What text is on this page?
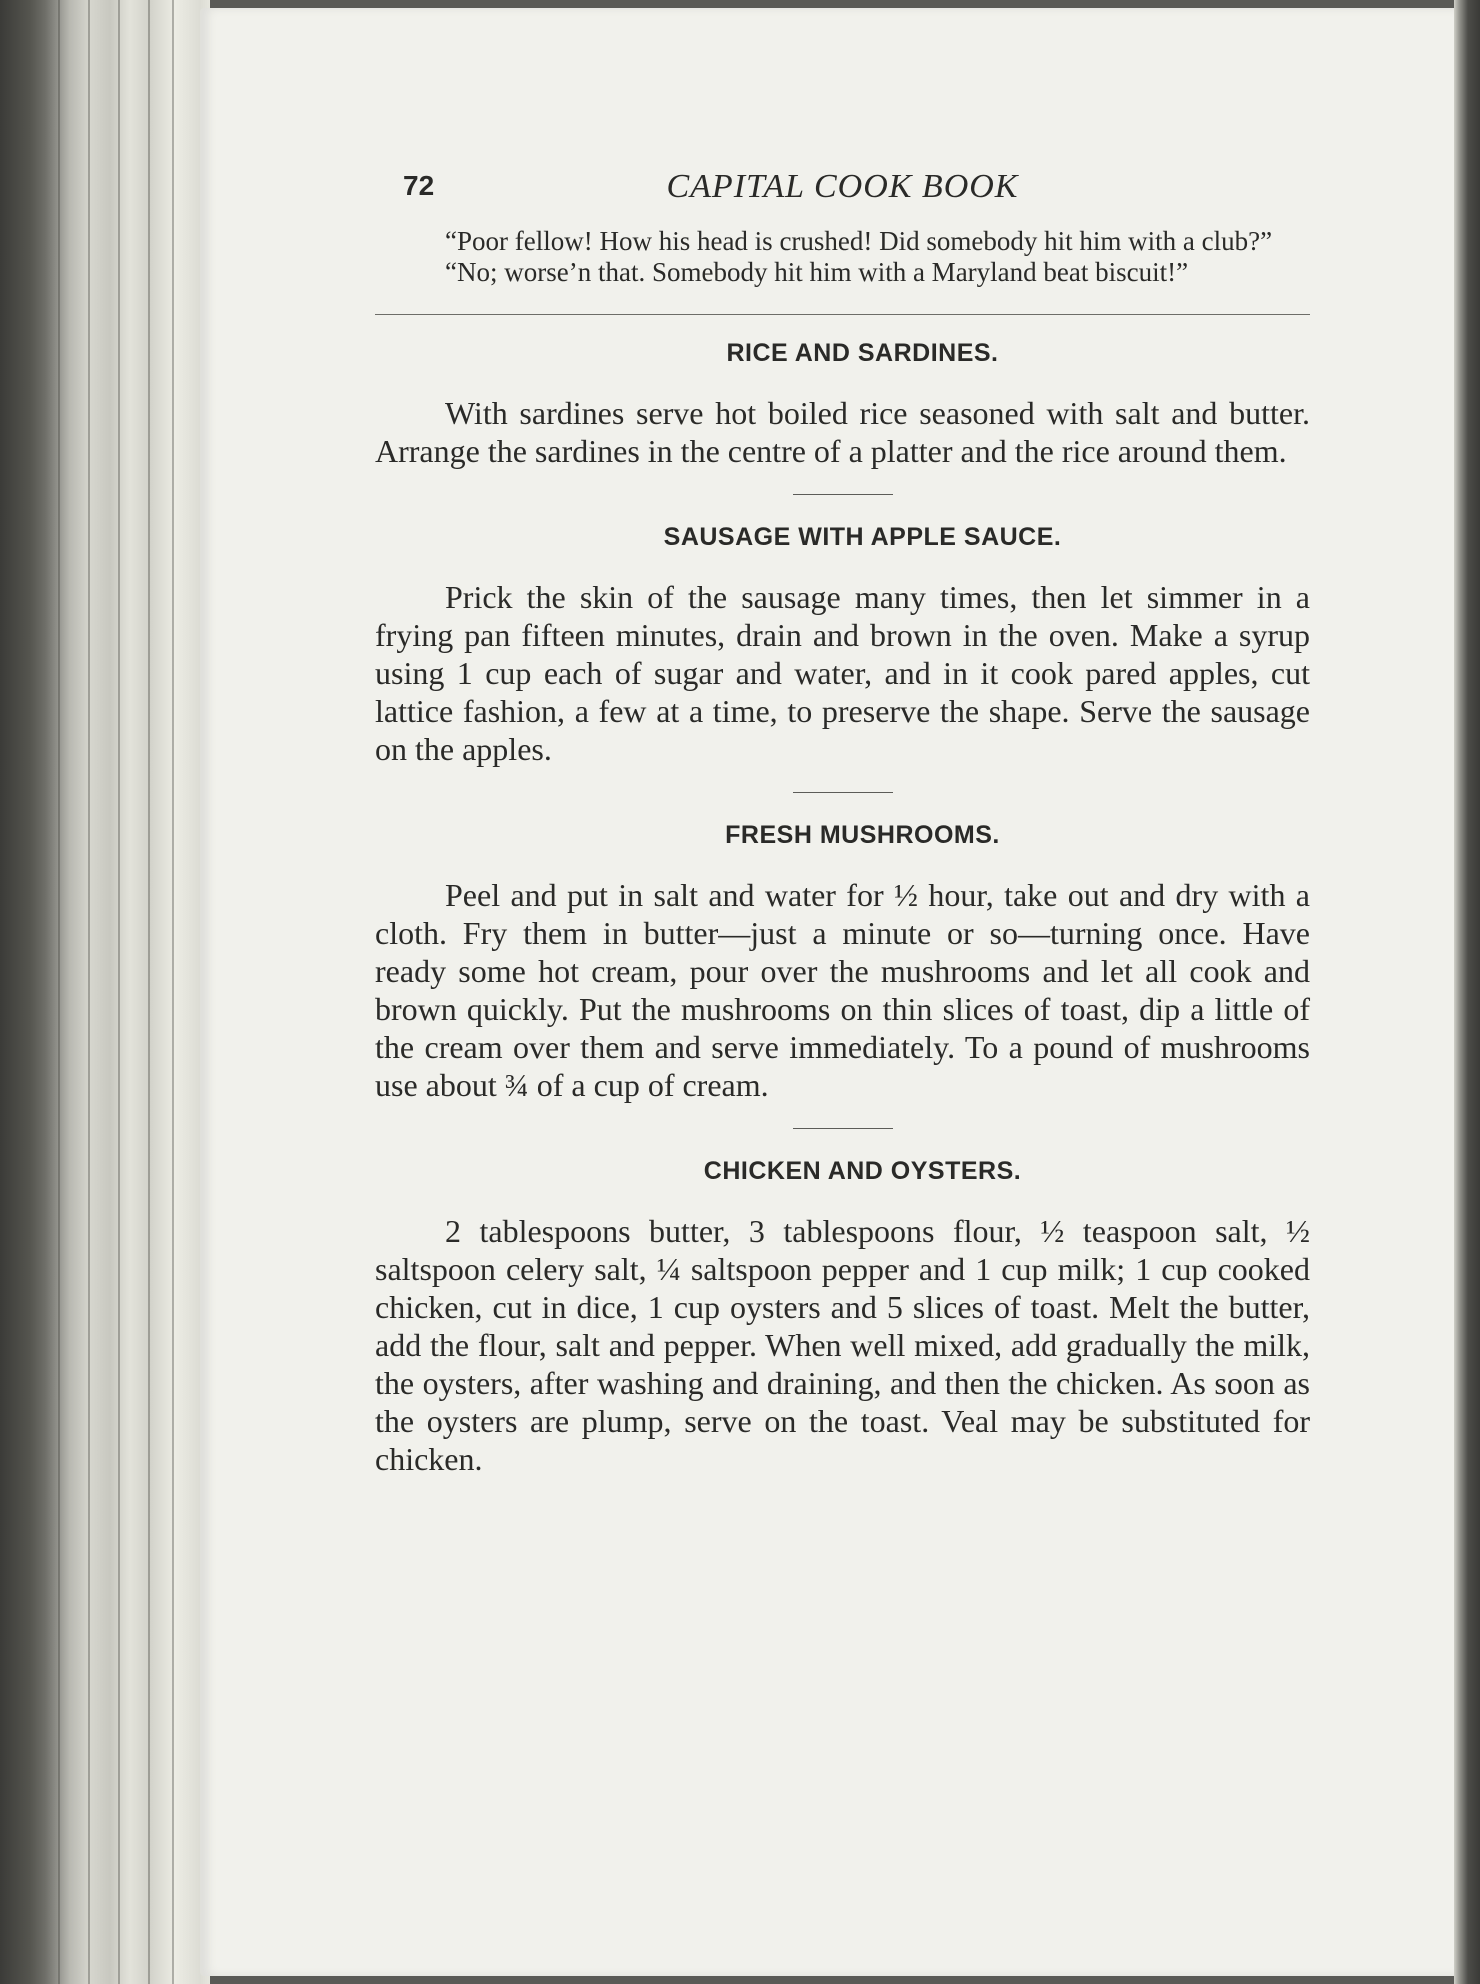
72	CAPITAL COOK BOOK

“Poor fellow! How his head is crushed! Did somebody hit him with a club?”

“No; worse’n that. Somebody hit him with a Maryland beat biscuit!”

RICE AND SARDINES.

With sardines serve hot boiled rice seasoned with salt and butter. Arrange the sardines in the centre of a platter and the rice around them.

SAUSAGE WITH APPLE SAUCE.

Prick the skin of the sausage many times, then let simmer in a frying pan fifteen minutes, drain and brown in the oven. Make a syrup using 1 cup each of sugar and water, and in it cook pared apples, cut lattice fashion, a few at a time, to preserve the shape. Serve the sausage on the apples.

FRESH MUSHROOMS.

Peel and put in salt and water for ½ hour, take out and dry with a cloth. Fry them in butter—just a minute or so—turning once. Have ready some hot cream, pour over the mushrooms and let all cook and brown quickly. Put the mushrooms on thin slices of toast, dip a little of the cream over them and serve immediately. To a pound of mushrooms use about ¾ of a cup of cream.

CHICKEN AND OYSTERS.

2 tablespoons butter, 3 tablespoons flour, ½ teaspoon salt, ½ saltspoon celery salt, ¼ saltspoon pepper and 1 cup milk; 1 cup cooked chicken, cut in dice, 1 cup oysters and 5 slices of toast. Melt the butter, add the flour, salt and pepper. When well mixed, add gradually the milk, the oysters, after washing and draining, and then the chicken. As soon as the oysters are plump, serve on the toast. Veal may be substituted for chicken.
